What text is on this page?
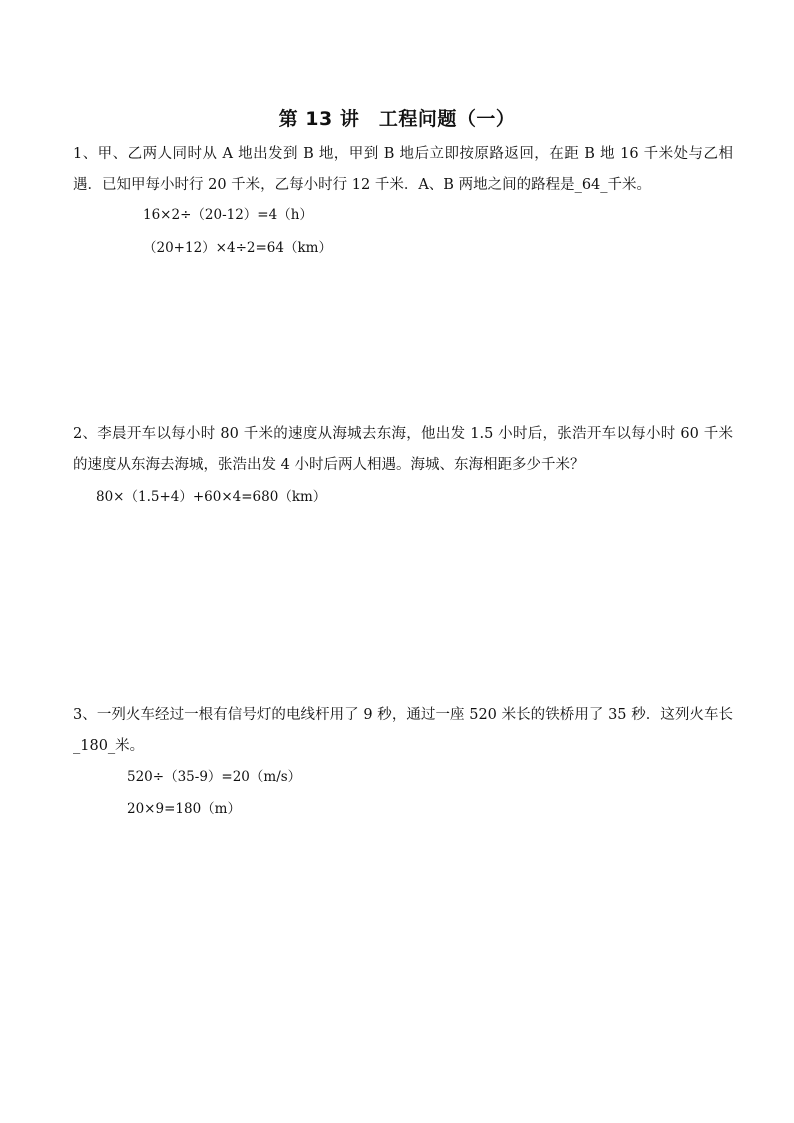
第 13 讲　工程问题（一）

1、甲、乙两人同时从 A 地出发到 B 地，甲到 B 地后立即按原路返回，在距 B 地 16 千米处与乙相遇．已知甲每小时行 20 千米，乙每小时行 12 千米．A、B 两地之间的路程是_64_千米。

16×2÷（20-12）=4（h）
（20+12）×4÷2=64（km）

2、李晨开车以每小时 80 千米的速度从海城去东海，他出发 1.5 小时后，张浩开车以每小时 60 千米的速度从东海去海城，张浩出发 4 小时后两人相遇。海城、东海相距多少千米？

80×（1.5+4）+60×4=680（km）

3、一列火车经过一根有信号灯的电线杆用了 9 秒，通过一座 520 米长的铁桥用了 35 秒．这列火车长_180_米。

520÷（35-9）=20（m/s）
20×9=180（m）
